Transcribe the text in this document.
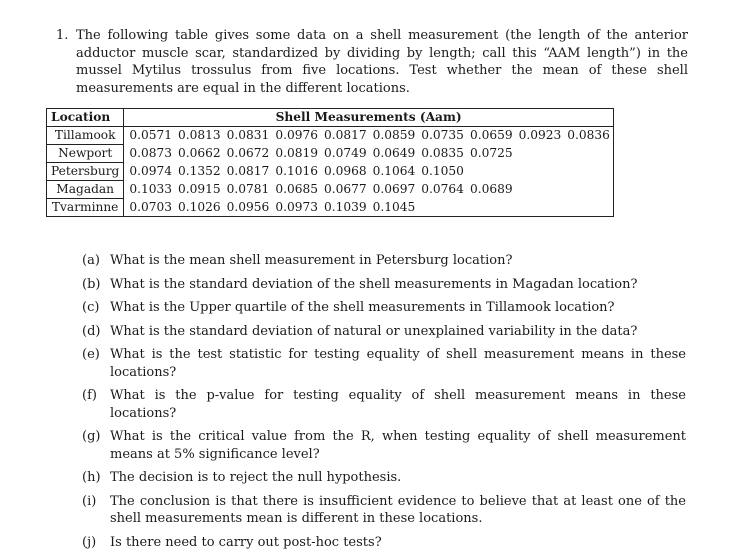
1. The following table gives some data on a shell measurement (the length of the anterior adductor muscle scar, standardized by dividing by length; call this “AAM length”) in the mussel Mytilus trossulus from five locations. Test whether the mean of these shell measurements are equal in the different locations.
Location	Shell Measurements (Aam)									
Tillamook	0.0571	0.0813	0.0831	0.0976	0.0817	0.0859	0.0735	0.0659	0.0923	0.0836
Newport	0.0873	0.0662	0.0672	0.0819	0.0749	0.0649	0.0835	0.0725		
Petersburg	0.0974	0.1352	0.0817	0.1016	0.0968	0.1064	0.1050			
Magadan	0.1033	0.0915	0.0781	0.0685	0.0677	0.0697	0.0764	0.0689		
Tvarminne	0.0703	0.1026	0.0956	0.0973	0.1039	0.1045				
(a) What is the mean shell measurement in Petersburg location?
(b) What is the standard deviation of the shell measurements in Magadan location?
(c) What is the Upper quartile of the shell measurements in Tillamook location?
(d) What is the standard deviation of natural or unexplained variability in the data?
(e) What is the test statistic for testing equality of shell measurement means in these locations?
(f) What is the p-value for testing equality of shell measurement means in these locations?
(g) What is the critical value from the R, when testing equality of shell measurement means at 5% significance level?
(h) The decision is to reject the null hypothesis.
(i) The conclusion is that there is insufficient evidence to believe that at least one of the shell measurements mean is different in these locations.
(j) Is there need to carry out post-hoc tests?
